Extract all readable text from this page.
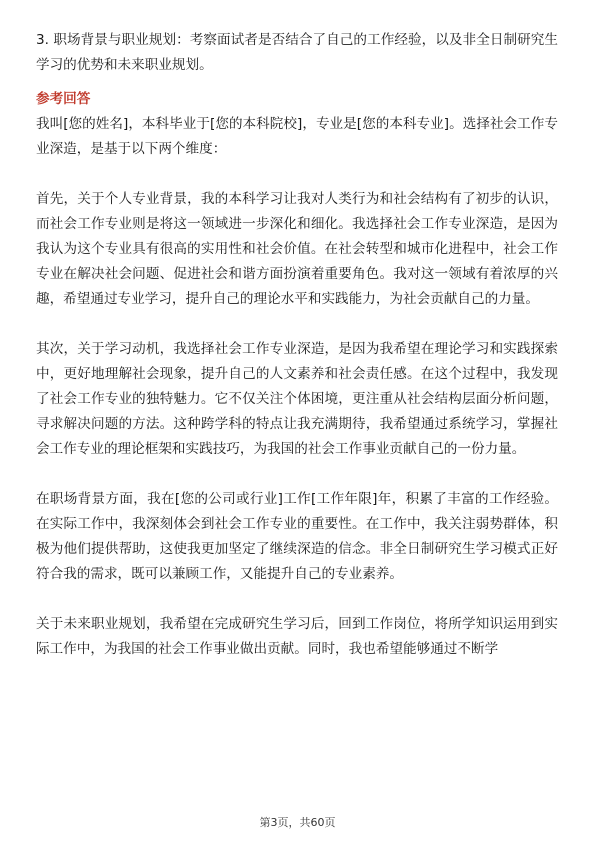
3. 职场背景与职业规划：考察面试者是否结合了自己的工作经验，以及非全日制研究生学习的优势和未来职业规划。

参考回答

我叫[您的姓名]，本科毕业于[您的本科院校]，专业是[您的本科专业]。选择社会工作专业深造，是基于以下两个维度：

首先，关于个人专业背景，我的本科学习让我对人类行为和社会结构有了初步的认识，而社会工作专业则是将这一领域进一步深化和细化。我选择社会工作专业深造，是因为我认为这个专业具有很高的实用性和社会价值。在社会转型和城市化进程中，社会工作专业在解决社会问题、促进社会和谐方面扮演着重要角色。我对这一领域有着浓厚的兴趣，希望通过专业学习，提升自己的理论水平和实践能力，为社会贡献自己的力量。

其次，关于学习动机，我选择社会工作专业深造，是因为我希望在理论学习和实践探索中，更好地理解社会现象，提升自己的人文素养和社会责任感。在这个过程中，我发现了社会工作专业的独特魅力。它不仅关注个体困境，更注重从社会结构层面分析问题，寻求解决问题的方法。这种跨学科的特点让我充满期待，我希望通过系统学习，掌握社会工作专业的理论框架和实践技巧，为我国的社会工作事业贡献自己的一份力量。

在职场背景方面，我在[您的公司或行业]工作[工作年限]年，积累了丰富的工作经验。在实际工作中，我深刻体会到社会工作专业的重要性。在工作中，我关注弱势群体，积极为他们提供帮助，这使我更加坚定了继续深造的信念。非全日制研究生学习模式正好符合我的需求，既可以兼顾工作，又能提升自己的专业素养。

关于未来职业规划，我希望在完成研究生学习后，回到工作岗位，将所学知识运用到实际工作中，为我国的社会工作事业做出贡献。同时，我也希望能够通过不断学

第3页，共60页
